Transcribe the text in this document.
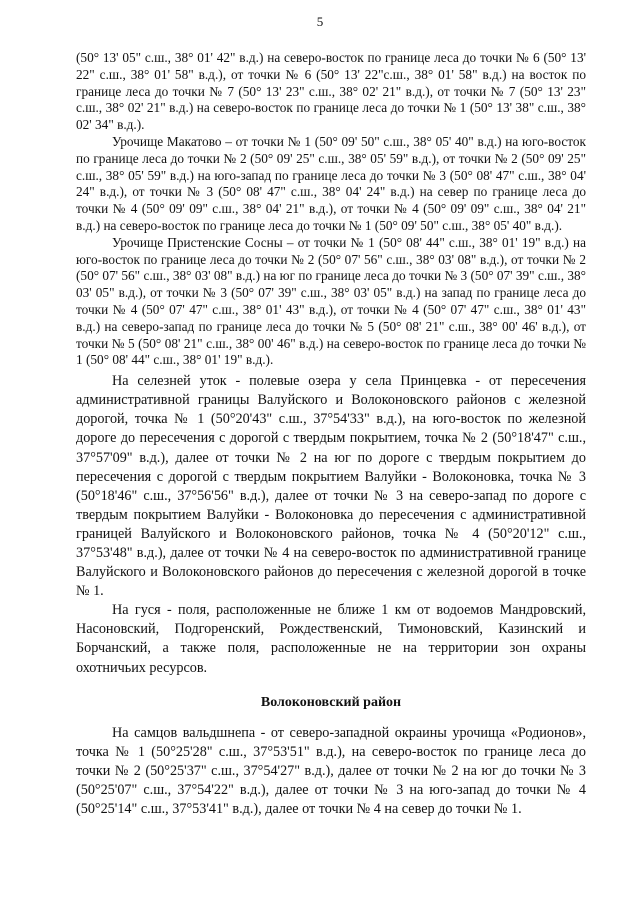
5

(50° 13' 05" с.ш., 38° 01' 42" в.д.) на северо-восток по границе леса до точки № 6 (50° 13' 22" с.ш., 38° 01' 58" в.д.), от точки № 6 (50° 13' 22"с.ш., 38° 01' 58" в.д.) на восток по границе леса до точки № 7 (50° 13' 23" с.ш., 38° 02' 21" в.д.), от точки № 7 (50° 13' 23" с.ш., 38° 02' 21" в.д.) на северо-восток по границе леса до точки № 1 (50° 13' 38" с.ш., 38° 02' 34" в.д.).

Урочище Макатово – от точки № 1 (50° 09' 50" с.ш., 38° 05' 40" в.д.) на юго-восток по границе леса до точки № 2 (50° 09' 25" с.ш., 38° 05' 59" в.д.), от точки № 2 (50° 09' 25" с.ш., 38° 05' 59" в.д.) на юго-запад по границе леса до точки № 3 (50° 08' 47" с.ш., 38° 04' 24" в.д.), от точки № 3 (50° 08' 47" с.ш., 38° 04' 24" в.д.) на север по границе леса до точки № 4 (50° 09' 09" с.ш., 38° 04' 21" в.д.), от точки № 4 (50° 09' 09" с.ш., 38° 04' 21" в.д.) на северо-восток по границе леса до точки № 1 (50° 09' 50" с.ш., 38° 05' 40" в.д.).

Урочище Пристенские Сосны – от точки № 1 (50° 08' 44" с.ш., 38° 01' 19" в.д.) на юго-восток по границе леса до точки № 2 (50° 07' 56" с.ш., 38° 03' 08" в.д.), от точки № 2 (50° 07' 56" с.ш., 38° 03' 08" в.д.) на юг по границе леса до точки № 3 (50° 07' 39" с.ш., 38° 03' 05" в.д.), от точки № 3 (50° 07' 39" с.ш., 38° 03' 05" в.д.) на запад по границе леса до точки № 4 (50° 07' 47" с.ш., 38° 01' 43" в.д.), от точки № 4 (50° 07' 47" с.ш., 38° 01' 43" в.д.) на северо-запад по границе леса до точки № 5 (50° 08' 21" с.ш., 38° 00' 46' в.д.), от точки № 5 (50° 08' 21" с.ш., 38° 00' 46" в.д.) на северо-восток по границе леса до точки № 1 (50° 08' 44" с.ш., 38° 01' 19" в.д.).

На селезней уток - полевые озера у села Принцевка - от пересечения административной границы Валуйского и Волоконовского районов с железной дорогой, точка № 1 (50°20'43" с.ш., 37°54'33" в.д.), на юго-восток по железной дороге до пересечения с дорогой с твердым покрытием, точка № 2 (50°18'47" с.ш., 37°57'09" в.д.), далее от точки № 2 на юг по дороге с твердым покрытием до пересечения с дорогой с твердым покрытием Валуйки - Волоконовка, точка № 3 (50°18'46" с.ш., 37°56'56" в.д.), далее от точки № 3 на северо-запад по дороге с твердым покрытием Валуйки - Волоконовка до пересечения с административной границей Валуйского и Волоконовского районов, точка № 4 (50°20'12" с.ш., 37°53'48" в.д.), далее от точки № 4 на северо-восток по административной границе Валуйского и Волоконовского районов до пересечения с железной дорогой в точке № 1.

На гуся - поля, расположенные не ближе 1 км от водоемов Мандровский, Насоновский, Подгоренский, Рождественский, Тимоновский, Казинский и Борчанский, а также поля, расположенные не на территории зон охраны охотничьих ресурсов.

Волоконовский район

На самцов вальдшнепа - от северо-западной окраины урочища «Родионов», точка № 1 (50°25'28" с.ш., 37°53'51" в.д.), на северо-восток по границе леса до точки № 2 (50°25'37" с.ш., 37°54'27" в.д.), далее от точки № 2 на юг до точки № 3 (50°25'07" с.ш., 37°54'22" в.д.), далее от точки № 3 на юго-запад до точки № 4 (50°25'14" с.ш., 37°53'41" в.д.), далее от точки № 4 на север до точки № 1.
